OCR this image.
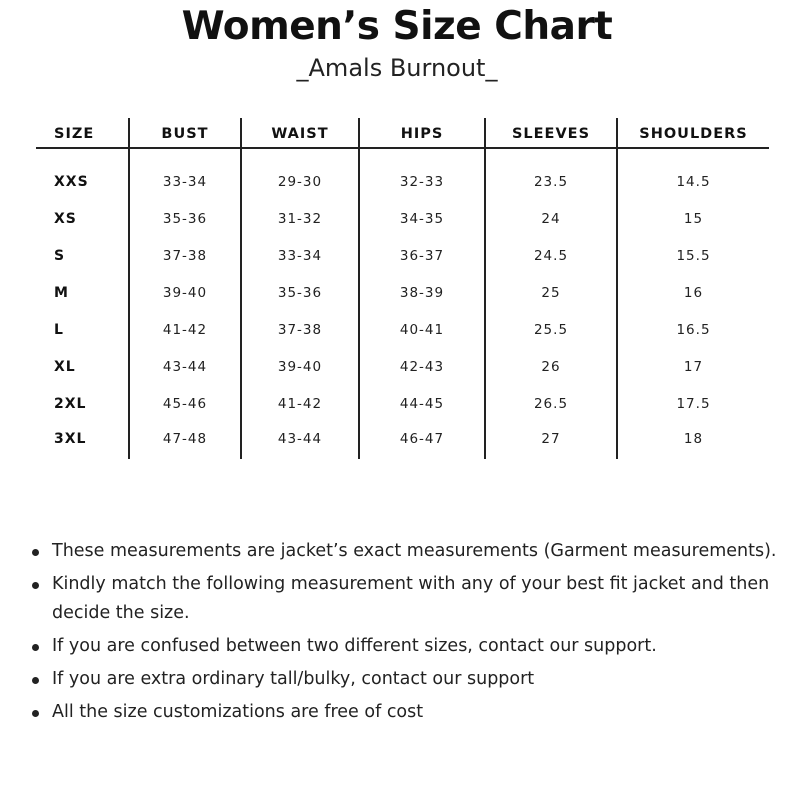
Women’s Size Chart
_Amals Burnout_
SIZE	BUST	WAIST	HIPS	SLEEVES	SHOULDERS
XXS	33-34	29-30	32-33	23.5	14.5
XS	35-36	31-32	34-35	24	15
S	37-38	33-34	36-37	24.5	15.5
M	39-40	35-36	38-39	25	16
L	41-42	37-38	40-41	25.5	16.5
XL	43-44	39-40	42-43	26	17
2XL	45-46	41-42	44-45	26.5	17.5
3XL	47-48	43-44	46-47	27	18
These measurements are jacket’s exact measurements (Garment measurements).
Kindly match the following measurement with any of your best fit jacket and then decide the size.
If you are confused between two different sizes, contact our support.
If you are extra ordinary tall/bulky, contact our support
All the size customizations are free of cost
